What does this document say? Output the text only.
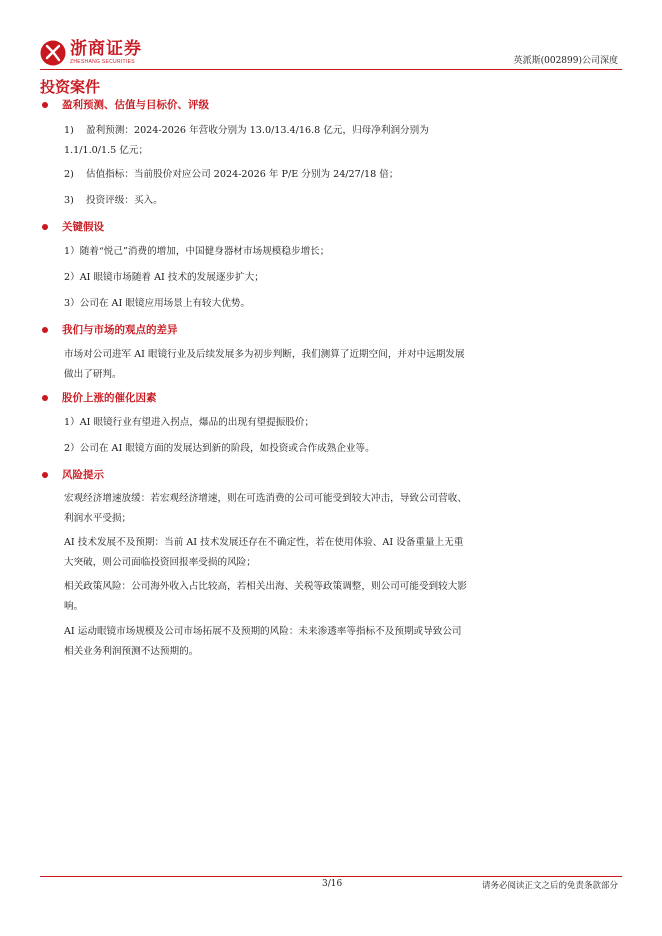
浙商证券
ZHESHANG SECURITIES	英派斯(002899)公司深度
投资案件
盈利预测、估值与目标价、评级
1) 盈利预测：2024-2026 年营收分别为 13.0/13.4/16.8 亿元，归母净利润分别为 1.1/1.0/1.5 亿元；
2) 估值指标：当前股价对应公司 2024-2026 年 P/E 分别为 24/27/18 倍；
3) 投资评级：买入。
关键假设
1）随着“悦己”消费的增加，中国健身器材市场规模稳步增长；
2）AI 眼镜市场随着 AI 技术的发展逐步扩大；
3）公司在 AI 眼镜应用场景上有较大优势。
我们与市场的观点的差异
市场对公司进军 AI 眼镜行业及后续发展多为初步判断，我们测算了近期空间，并对中远期发展做出了研判。
股价上涨的催化因素
1）AI 眼镜行业有望进入拐点，爆品的出现有望提振股价；
2）公司在 AI 眼镜方面的发展达到新的阶段，如投资或合作成熟企业等。
风险提示
宏观经济增速放缓：若宏观经济增速，则在可选消费的公司可能受到较大冲击，导致公司营收、利润水平受损；
AI 技术发展不及预期：当前 AI 技术发展还存在不确定性，若在使用体验、AI 设备重量上无重大突破，则公司面临投资回报率受损的风险；
相关政策风险：公司海外收入占比较高，若相关出海、关税等政策调整，则公司可能受到较大影响。
AI 运动眼镜市场规模及公司市场拓展不及预期的风险：未来渗透率等指标不及预期或导致公司相关业务利润预测不达预期的。
3/16	请务必阅读正文之后的免责条款部分
